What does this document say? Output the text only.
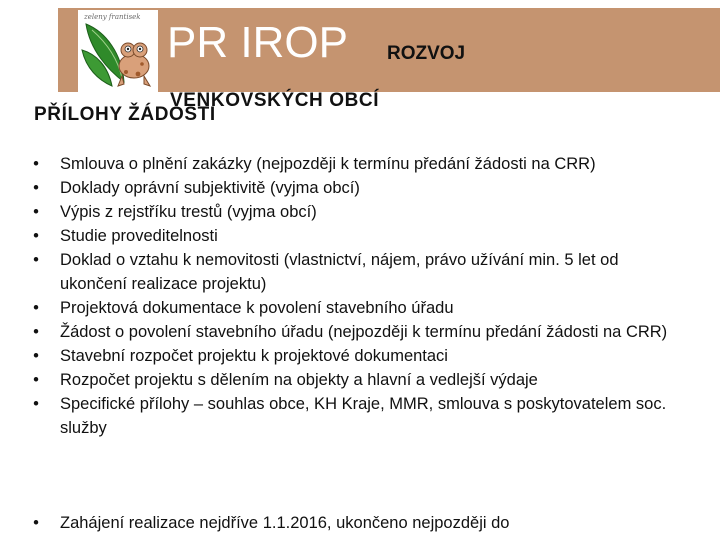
zeleny frantisek
PR IROP ROZVOJ
VENKOVSKÝCH OBCÍ
PŘÍLOHY ŽÁDOSTI
• Smlouva o plnění zakázky (nejpozději k termínu předání žádosti na CRR)
• Doklady oprávní subjektivitě (vyjma obcí)
• Výpis z rejstříku trestů (vyjma obcí)
• Studie proveditelnosti
• Doklad o vztahu k nemovitosti (vlastnictví, nájem, právo užívání min. 5 let od ukončení realizace projektu)
• Projektová dokumentace k povolení stavebního úřadu
• Žádost o povolení stavebního úřadu (nejpozději k termínu předání žádosti na CRR)
• Stavební rozpočet projektu k projektové dokumentaci
• Rozpočet projektu s dělením na objekty a hlavní a vedlejší výdaje
• Specifické přílohy – souhlas obce, KH Kraje, MMR, smlouva s poskytovatelem soc. služby
• Zahájení realizace nejdříve 1.1.2016, ukončeno nejpozději do
